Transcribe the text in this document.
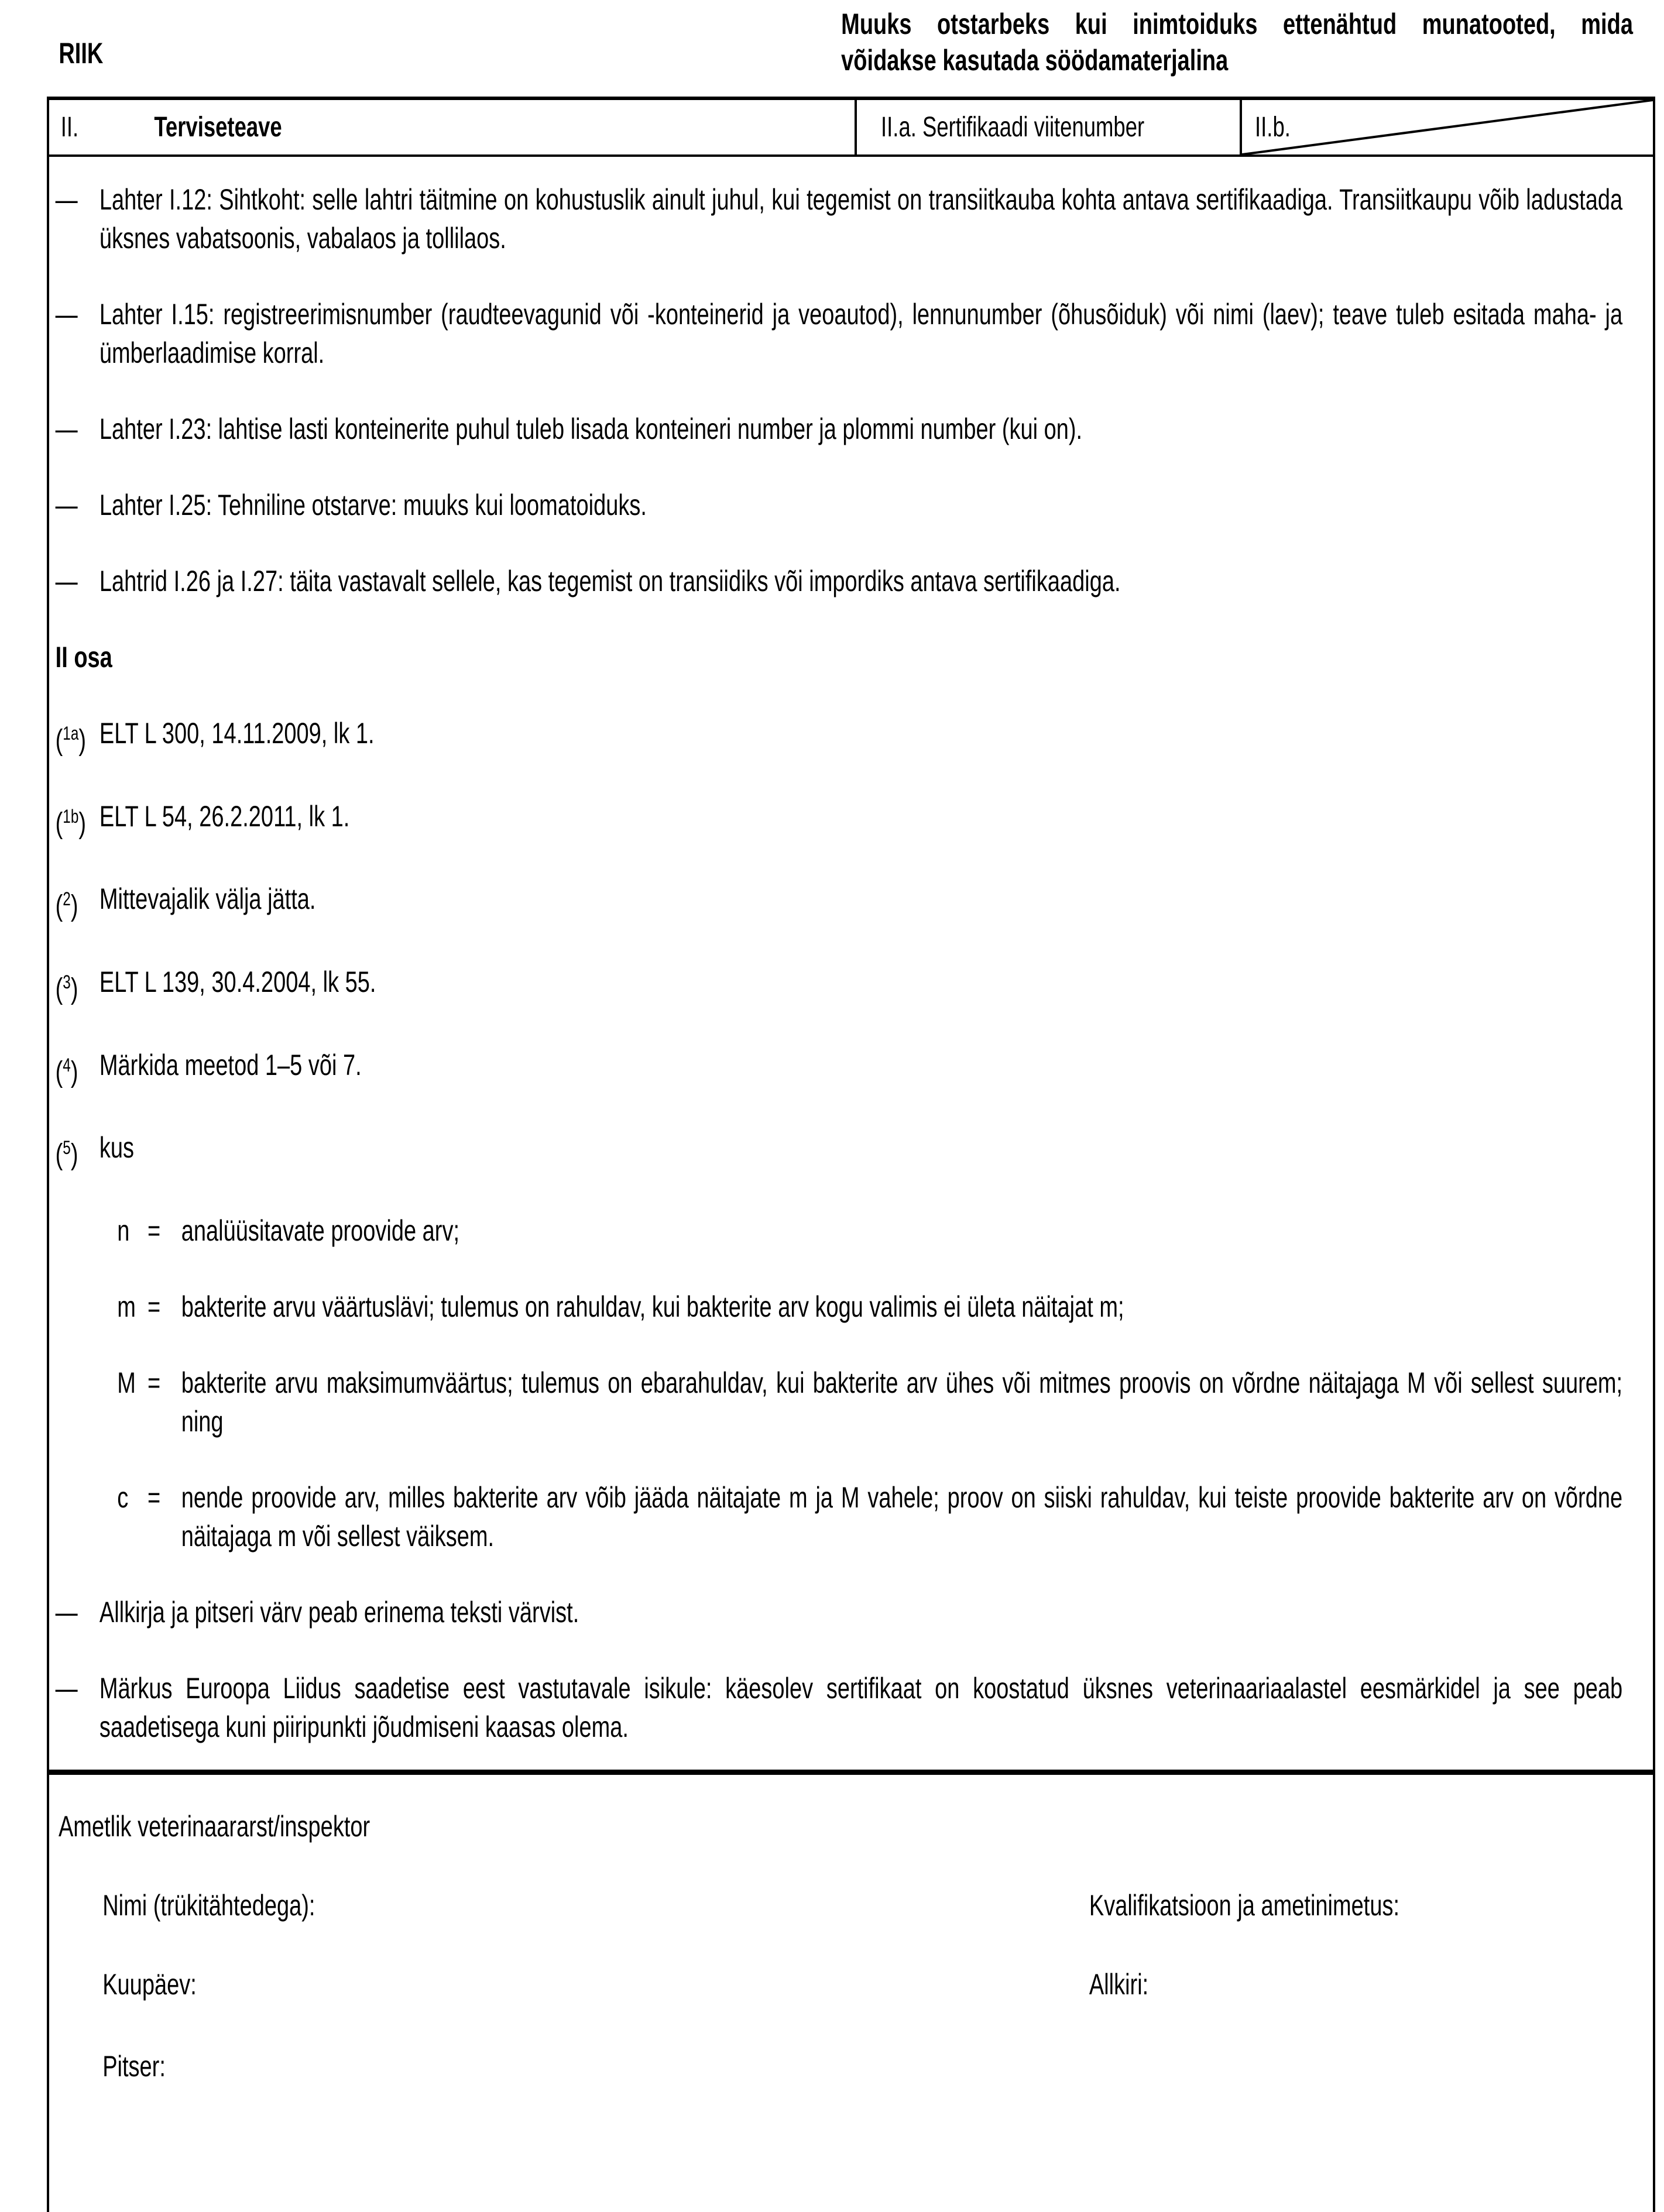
RIIK
Muuks otstarbeks kui inimtoiduks ettenähtud munatooted, mida
võidakse kasutada söödamaterjalina
II.	Terviseteave	II.a. Sertifikaadi viitenumber	II.b.
— Lahter I.12: Sihtkoht: selle lahtri täitmine on kohustuslik ainult juhul, kui tegemist on transiitkauba kohta antava sertifikaadiga. Transiitkaupu võib ladustada üksnes vabatsoonis, vabalaos ja tollilaos.
— Lahter I.15: registreerimisnumber (raudteevagunid või -konteinerid ja veoautod), lennunumber (õhusõiduk) või nimi (laev); teave tuleb esitada maha- ja ümberlaadimise korral.
— Lahter I.23: lahtise lasti konteinerite puhul tuleb lisada konteineri number ja plommi number (kui on).
— Lahter I.25: Tehniline otstarve: muuks kui loomatoiduks.
— Lahtrid I.26 ja I.27: täita vastavalt sellele, kas tegemist on transiidiks või impordiks antava sertifikaadiga.
II osa
($^{1a}$) ELT L 300, 14.11.2009, lk 1.
($^{1b}$) ELT L 54, 26.2.2011, lk 1.
($^2$) Mittevajalik välja jätta.
($^3$) ELT L 139, 30.4.2004, lk 55.
($^4$) Märkida meetod 1–5 või 7.
($^5$) kus
n = analüüsitavate proovide arv;
m = bakterite arvu väärtuslävi; tulemus on rahuldav, kui bakterite arv kogu valimis ei ületa näitajat m;
M = bakterite arvu maksimumväärtus; tulemus on ebarahuldav, kui bakterite arv ühes või mitmes proovis on võrdne näitajaga M või sellest suurem; ning
c = nende proovide arv, milles bakterite arv võib jääda näitajate m ja M vahele; proov on siiski rahuldav, kui teiste proovide bakterite arv on võrdne näitajaga m või sellest väiksem.
— Allkirja ja pitseri värv peab erinema teksti värvist.
— Märkus Euroopa Liidus saadetise eest vastutavale isikule: käesolev sertifikaat on koostatud üksnes veterinaariaalastel eesmärkidel ja see peab saadetisega kuni piiripunkti jõudmiseni kaasas olema.
Ametlik veterinaararst/inspektor
Nimi (trükitähtedega):	Kvalifikatsioon ja ametinimetus:
Kuupäev:	Allkiri:
Pitser:
